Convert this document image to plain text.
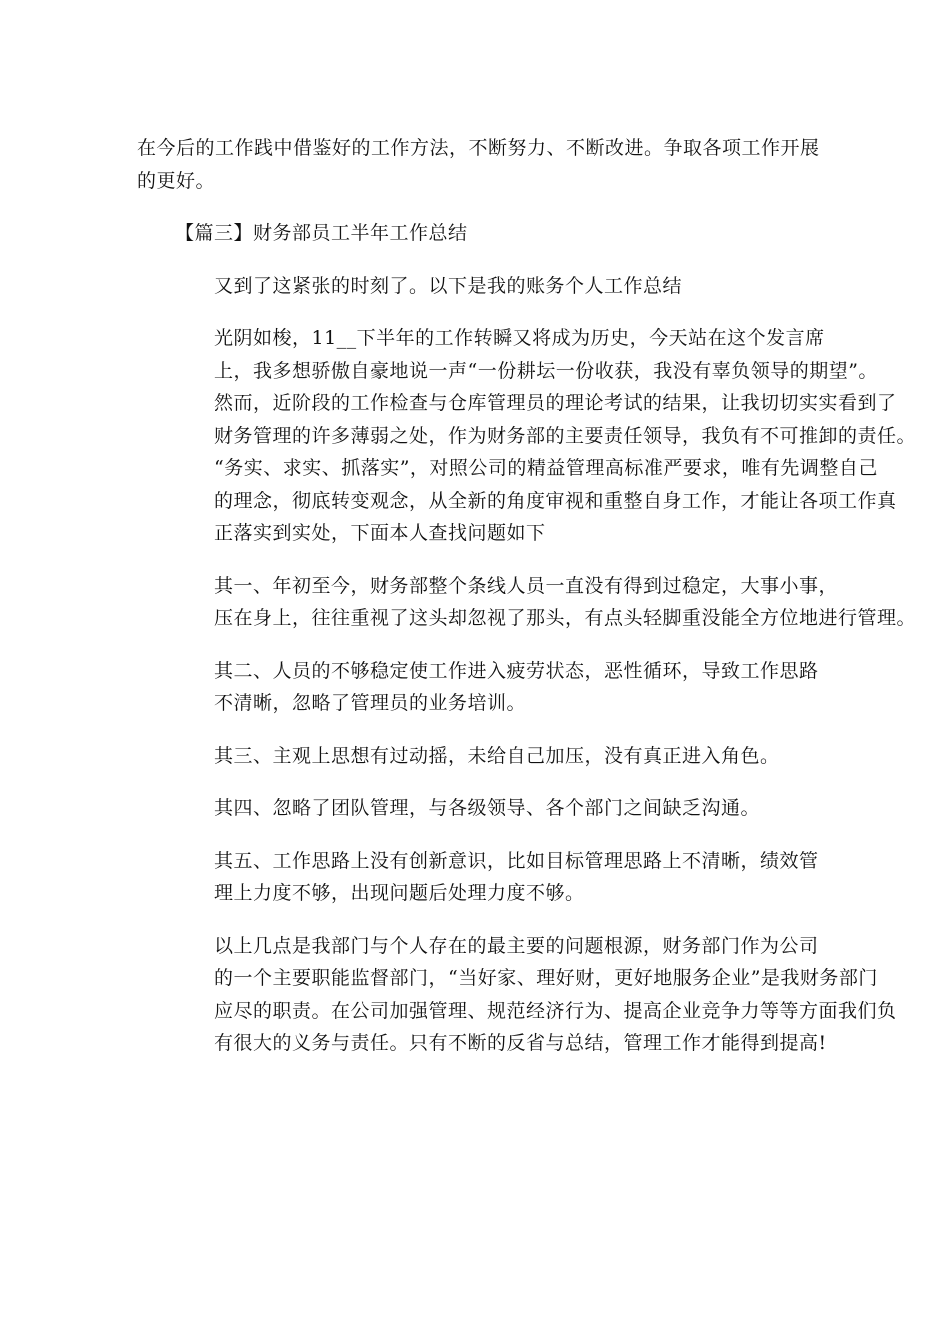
在今后的工作践中借鉴好的工作方法，不断努力、不断改进。争取各项工作开展
的更好。

【篇三】财务部员工半年工作总结

又到了这紧张的时刻了。以下是我的账务个人工作总结

光阴如梭，11__下半年的工作转瞬又将成为历史，今天站在这个发言席
上，我多想骄傲自豪地说一声“一份耕坛一份收获，我没有辜负领导的期望”。
然而，近阶段的工作检查与仓库管理员的理论考试的结果，让我切切实实看到了
财务管理的许多薄弱之处，作为财务部的主要责任领导，我负有不可推卸的责任。
“务实、求实、抓落实”，对照公司的精益管理高标准严要求，唯有先调整自己
的理念，彻底转变观念，从全新的角度审视和重整自身工作，才能让各项工作真
正落实到实处，下面本人查找问题如下

其一、年初至今，财务部整个条线人员一直没有得到过稳定，大事小事，
压在身上，往往重视了这头却忽视了那头，有点头轻脚重没能全方位地进行管理。

其二、人员的不够稳定使工作进入疲劳状态，恶性循环，导致工作思路
不清晰，忽略了管理员的业务培训。

其三、主观上思想有过动摇，未给自己加压，没有真正进入角色。

其四、忽略了团队管理，与各级领导、各个部门之间缺乏沟通。

其五、工作思路上没有创新意识，比如目标管理思路上不清晰，绩效管
理上力度不够，出现问题后处理力度不够。

以上几点是我部门与个人存在的最主要的问题根源，财务部门作为公司
的一个主要职能监督部门，“当好家、理好财，更好地服务企业”是我财务部门
应尽的职责。在公司加强管理、规范经济行为、提高企业竞争力等等方面我们负
有很大的义务与责任。只有不断的反省与总结，管理工作才能得到提高!
